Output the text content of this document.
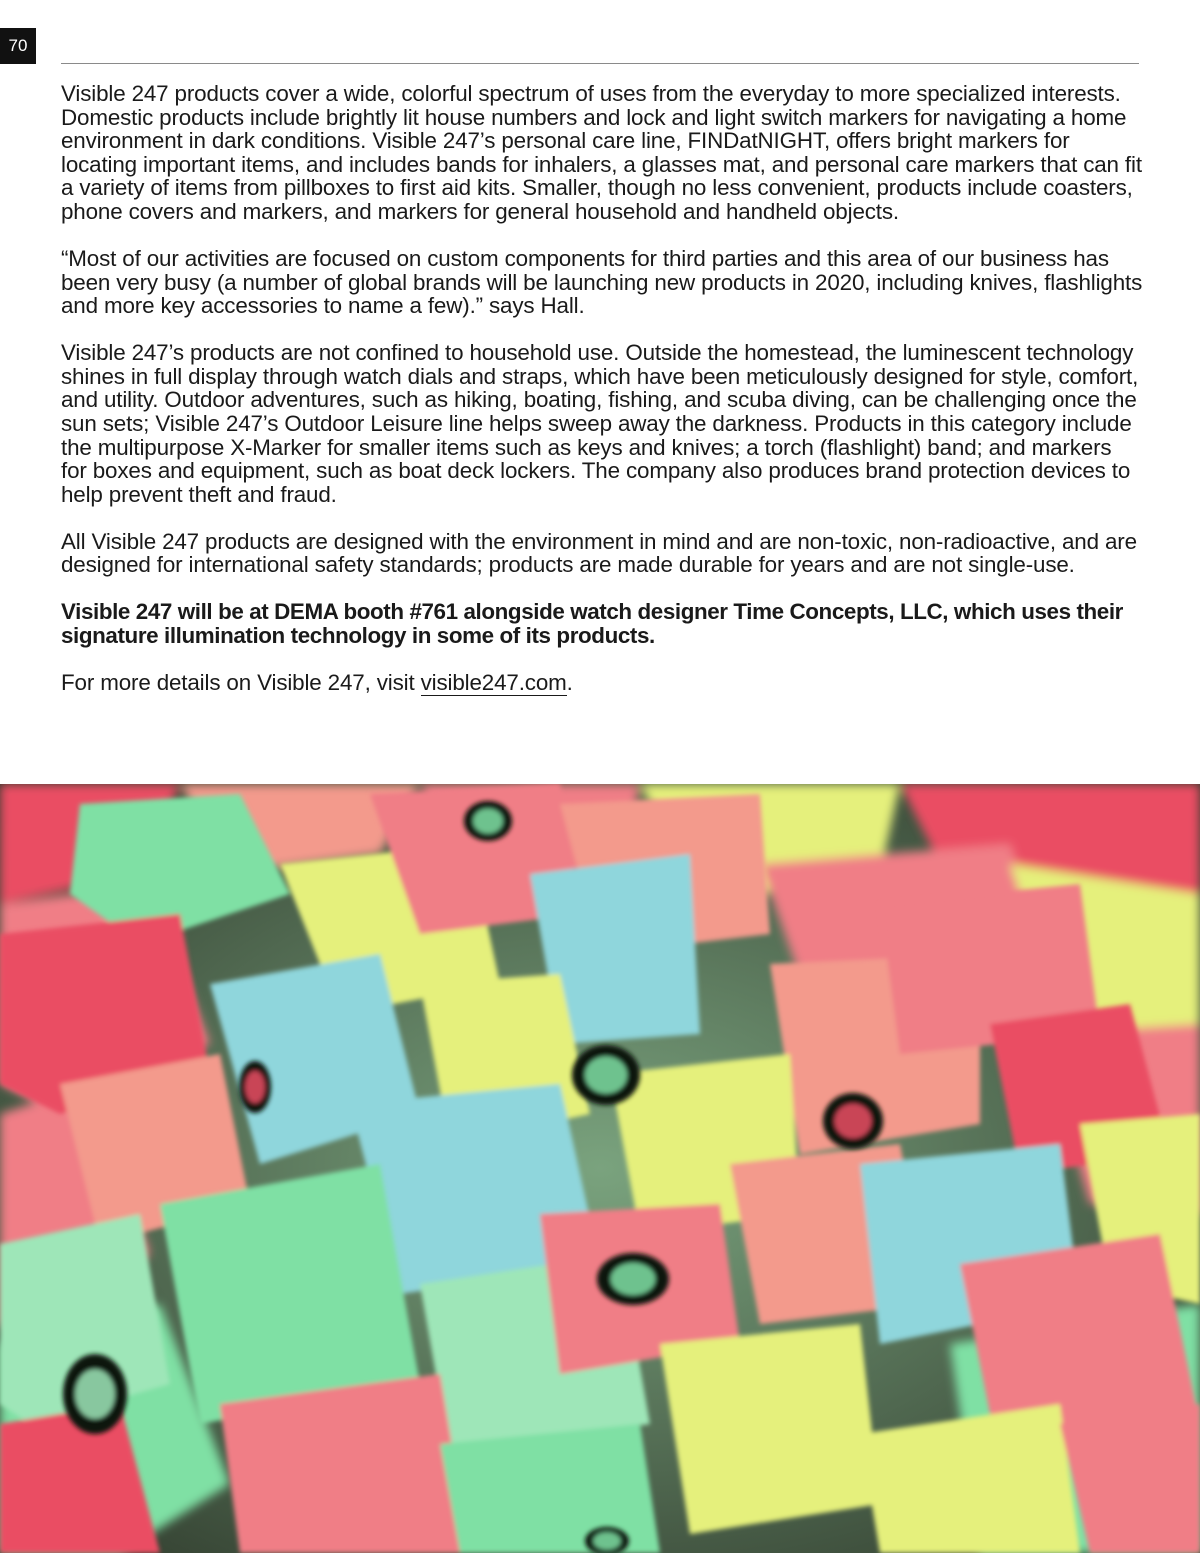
70

Visible 247 products cover a wide, colorful spectrum of uses from the everyday to more specialized interests. Domestic products include brightly lit house numbers and lock and light switch markers for navigating a home environment in dark conditions. Visible 247’s personal care line, FINDatNIGHT, offers bright markers for locating important items, and includes bands for inhalers, a glasses mat, and personal care markers that can fit a variety of items from pillboxes to first aid kits. Smaller, though no less convenient, products include coasters, phone covers and markers, and markers for general household and handheld objects.

“Most of our activities are focused on custom components for third parties and this area of our business has been very busy (a number of global brands will be launching new products in 2020, including knives, flashlights and more key accessories to name a few).” says Hall.

Visible 247’s products are not confined to household use. Outside the homestead, the luminescent technology shines in full display through watch dials and straps, which have been meticulously designed for style, comfort, and utility. Outdoor adventures, such as hiking, boating, fishing, and scuba diving, can be challenging once the sun sets; Visible 247’s Outdoor Leisure line helps sweep away the darkness. Products in this category include the multipurpose X-Marker for smaller items such as keys and knives; a torch (flashlight) band; and markers for boxes and equipment, such as boat deck lockers. The company also produces brand protection devices to help prevent theft and fraud.

All Visible 247 products are designed with the environment in mind and are non-toxic, non-radioactive, and are designed for international safety standards; products are made durable for years and are not single-use.

Visible 247 will be at DEMA booth #761 alongside watch designer Time Concepts, LLC, which uses their signature illumination technology in some of its products.

For more details on Visible 247, visit visible247.com.
